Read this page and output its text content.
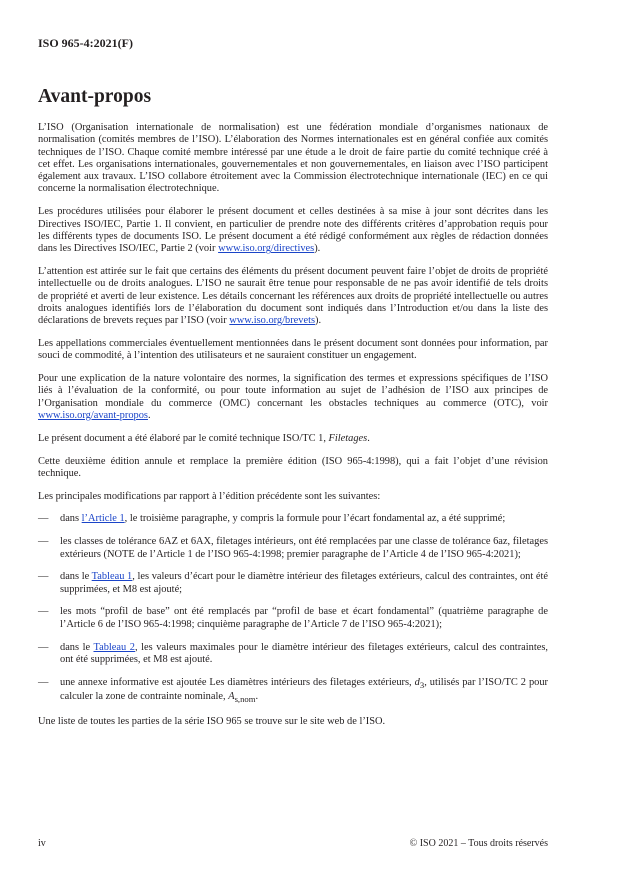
ISO 965-4:2021(F)
Avant-propos

L’ISO (Organisation internationale de normalisation) est une fédération mondiale d’organismes nationaux de normalisation (comités membres de l’ISO). L’élaboration des Normes internationales est en général confiée aux comités techniques de l’ISO. Chaque comité membre intéressé par une étude a le droit de faire partie du comité technique créé à cet effet. Les organisations internationales, gouvernementales et non gouvernementales, en liaison avec l’ISO participent également aux travaux. L’ISO collabore étroitement avec la Commission électrotechnique internationale (IEC) en ce qui concerne la normalisation électrotechnique.

Les procédures utilisées pour élaborer le présent document et celles destinées à sa mise à jour sont décrites dans les Directives ISO/IEC, Partie 1. Il convient, en particulier de prendre note des différents critères d’approbation requis pour les différents types de documents ISO. Le présent document a été rédigé conformément aux règles de rédaction données dans les Directives ISO/IEC, Partie 2 (voir www.iso.org/directives).

L’attention est attirée sur le fait que certains des éléments du présent document peuvent faire l’objet de droits de propriété intellectuelle ou de droits analogues. L’ISO ne saurait être tenue pour responsable de ne pas avoir identifié de tels droits de propriété et averti de leur existence. Les détails concernant les références aux droits de propriété intellectuelle ou autres droits analogues identifiés lors de l’élaboration du document sont indiqués dans l’Introduction et/ou dans la liste des déclarations de brevets reçues par l’ISO (voir www.iso.org/brevets).

Les appellations commerciales éventuellement mentionnées dans le présent document sont données pour information, par souci de commodité, à l’intention des utilisateurs et ne sauraient constituer un engagement.

Pour une explication de la nature volontaire des normes, la signification des termes et expressions spécifiques de l’ISO liés à l’évaluation de la conformité, ou pour toute information au sujet de l’adhésion de l’ISO aux principes de l’Organisation mondiale du commerce (OMC) concernant les obstacles techniques au commerce (OTC), voir www.iso.org/avant-propos.

Le présent document a été élaboré par le comité technique ISO/TC 1, Filetages.

Cette deuxième édition annule et remplace la première édition (ISO 965-4:1998), qui a fait l’objet d’une révision technique.

Les principales modifications par rapport à l’édition précédente sont les suivantes:

—	dans l’Article 1, le troisième paragraphe, y compris la formule pour l’écart fondamental az, a été supprimé;
—	les classes de tolérance 6AZ et 6AX, filetages intérieurs, ont été remplacées par une classe de tolérance 6az, filetages extérieurs (NOTE de l’Article 1 de l’ISO 965-4:1998; premier paragraphe de l’Article 4 de l’ISO 965-4:2021);
—	dans le Tableau 1, les valeurs d’écart pour le diamètre intérieur des filetages extérieurs, calcul des contraintes, ont été supprimées, et M8 est ajouté;
—	les mots “profil de base” ont été remplacés par “profil de base et écart fondamental” (quatrième paragraphe de l’Article 6 de l’ISO 965-4:1998; cinquième paragraphe de l’Article 7 de l’ISO 965-4:2021);
—	dans le Tableau 2, les valeurs maximales pour le diamètre intérieur des filetages extérieurs, calcul des contraintes, ont été supprimées, et M8 est ajouté.
—	une annexe informative est ajoutée Les diamètres intérieurs des filetages extérieurs, $d_3$, utilisés par l’ISO/TC 2 pour calculer la zone de contrainte nominale, $A_{s,nom}$.

Une liste de toutes les parties de la série ISO 965 se trouve sur le site web de l’ISO.

iv	© ISO 2021 – Tous droits réservés
